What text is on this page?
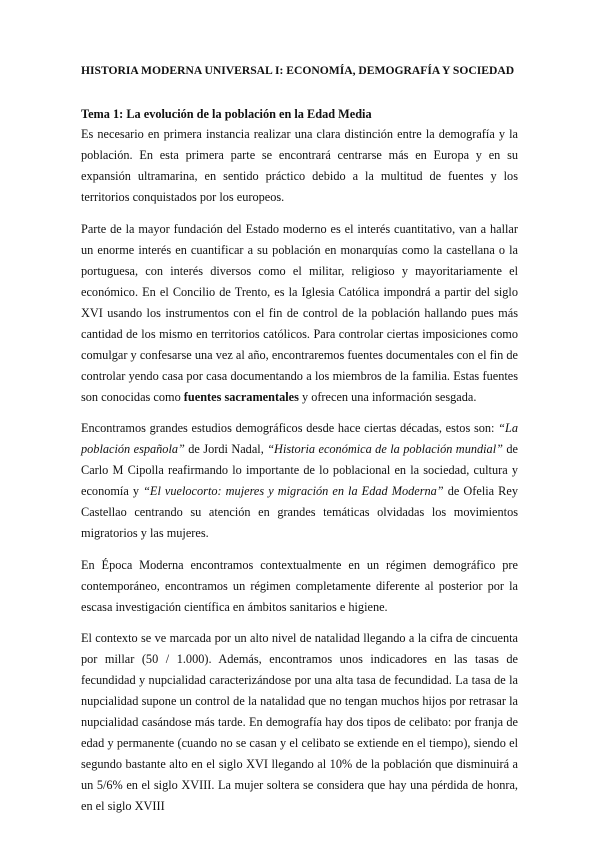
HISTORIA MODERNA UNIVERSAL I: ECONOMÍA, DEMOGRAFÍA Y SOCIEDAD
Tema 1: La evolución de la población en la Edad Media

Es necesario en primera instancia realizar una clara distinción entre la demografía y la población. En esta primera parte se encontrará centrarse más en Europa y en su expansión ultramarina, en sentido práctico debido a la multitud de fuentes y los territorios conquistados por los europeos.

Parte de la mayor fundación del Estado moderno es el interés cuantitativo, van a hallar un enorme interés en cuantificar a su población en monarquías como la castellana o la portuguesa, con interés diversos como el militar, religioso y mayoritariamente el económico. En el Concilio de Trento, es la Iglesia Católica impondrá a partir del siglo XVI usando los instrumentos con el fin de control de la población hallando pues más cantidad de los mismo en territorios católicos. Para controlar ciertas imposiciones como comulgar y confesarse una vez al año, encontraremos fuentes documentales con el fin de controlar yendo casa por casa documentando a los miembros de la familia. Estas fuentes son conocidas como fuentes sacramentales y ofrecen una información sesgada.

Encontramos grandes estudios demográficos desde hace ciertas décadas, estos son: “La población española” de Jordi Nadal, “Historia económica de la población mundial” de Carlo M Cipolla reafirmando lo importante de lo poblacional en la sociedad, cultura y economía y “El vuelocorto: mujeres y migración en la Edad Moderna” de Ofelia Rey Castellao centrando su atención en grandes temáticas olvidadas los movimientos migratorios y las mujeres.

En Época Moderna encontramos contextualmente en un régimen demográfico pre contemporáneo, encontramos un régimen completamente diferente al posterior por la escasa investigación científica en ámbitos sanitarios e higiene.

El contexto se ve marcada por un alto nivel de natalidad llegando a la cifra de cincuenta por millar (50 / 1.000). Además, encontramos unos indicadores en las tasas de fecundidad y nupcialidad caracterizándose por una alta tasa de fecundidad. La tasa de la nupcialidad supone un control de la natalidad que no tengan muchos hijos por retrasar la nupcialidad casándose más tarde. En demografía hay dos tipos de celibato: por franja de edad y permanente (cuando no se casan y el celibato se extiende en el tiempo), siendo el segundo bastante alto en el siglo XVI llegando al 10% de la población que disminuirá a un 5/6% en el siglo XVIII. La mujer soltera se considera que hay una pérdida de honra, en el siglo XVIII
